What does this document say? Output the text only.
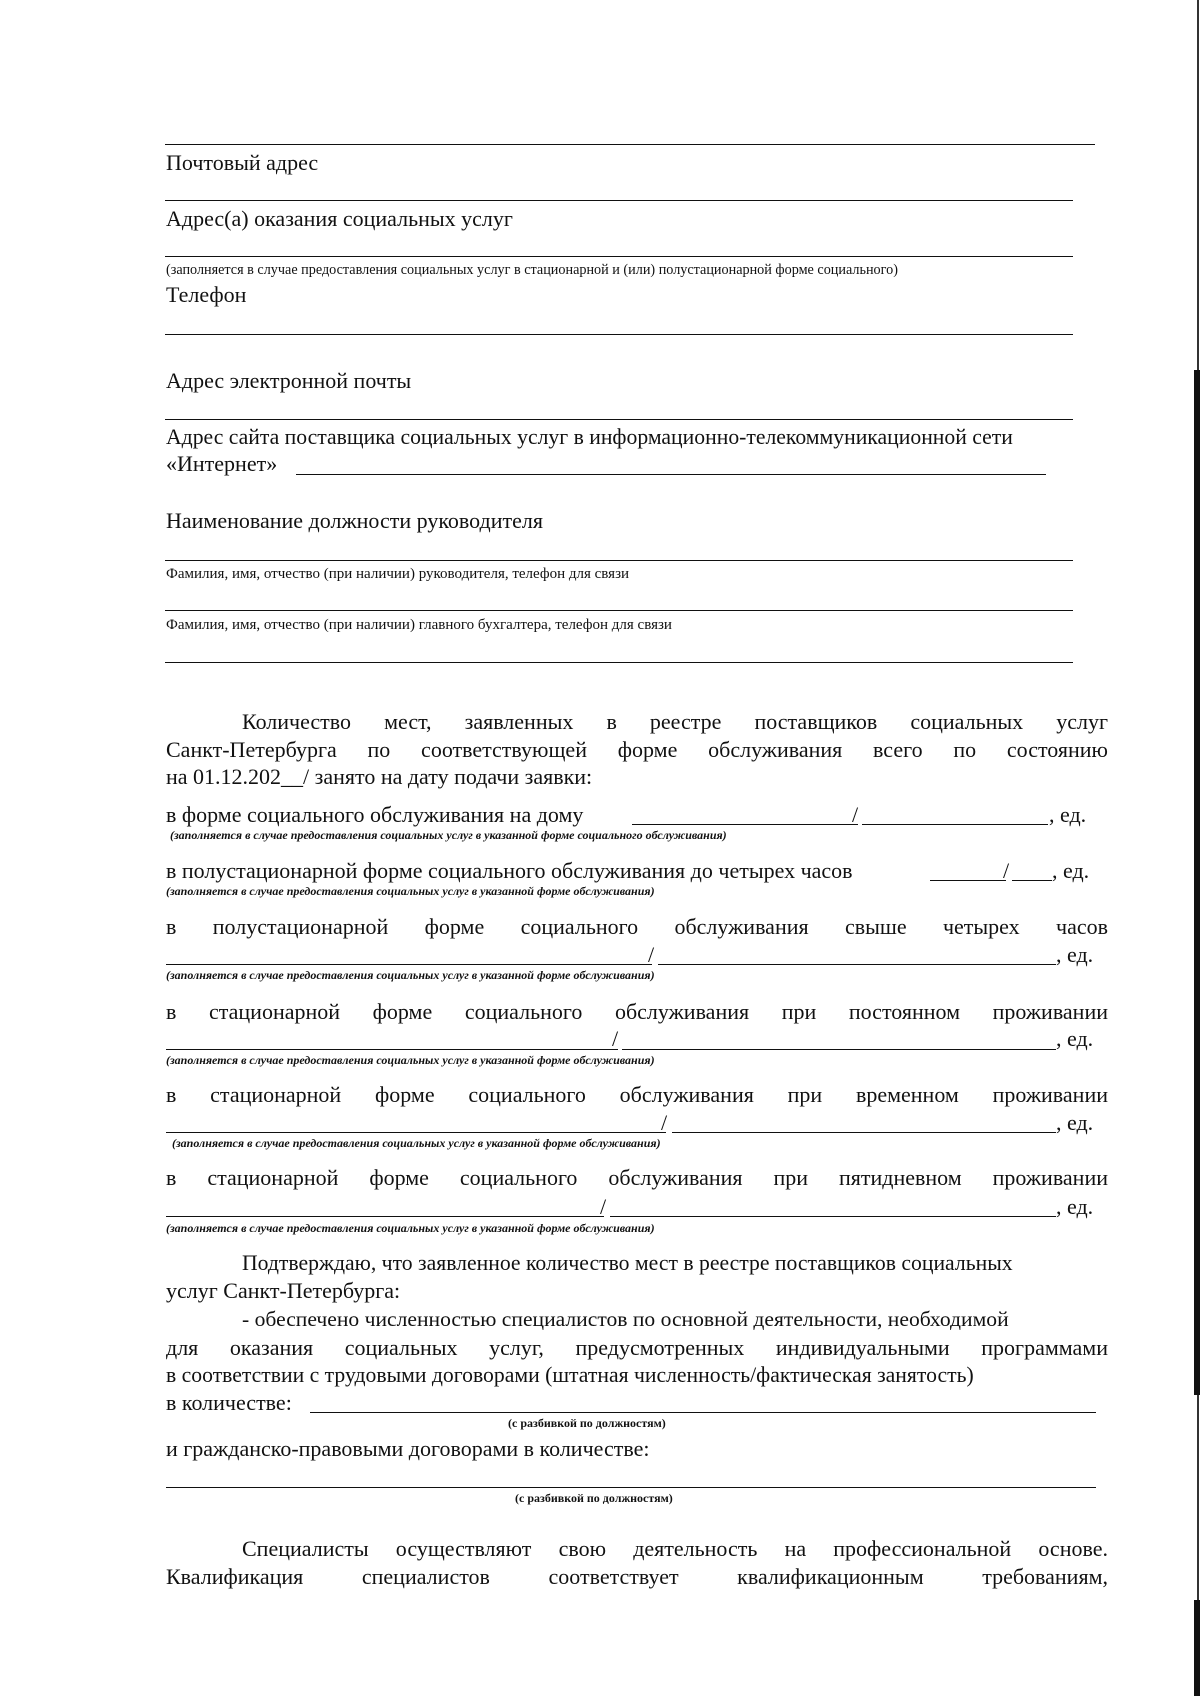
Почтовый адрес
Адрес(а) оказания социальных услуг
(заполняется в случае предоставления социальных услуг в стационарной и (или) полустационарной форме социального)
Телефон
Адрес электронной почты
Адрес сайта поставщика социальных услуг в информационно-телекоммуникационной сети
«Интернет»
Наименование должности руководителя
Фамилия, имя, отчество (при наличии) руководителя, телефон для связи
Фамилия, имя, отчество (при наличии) главного бухгалтера, телефон для связи
Количество мест, заявленных в реестре поставщиков социальных услуг
Санкт-Петербурга по соответствующей форме обслуживания всего по состоянию
на 01.12.202__/ занято на дату подачи заявки:
в форме социального обслуживания на дому	/	, ед.
(заполняется в случае предоставления социальных услуг в указанной форме социального обслуживания)
в полустационарной форме социального обслуживания до четырех часов	/ , ед.
(заполняется в случае предоставления социальных услуг в указанной форме обслуживания)
в полустационарной форме социального обслуживания свыше четырех часов
/	, ед.
(заполняется в случае предоставления социальных услуг в указанной форме обслуживания)
в стационарной форме социального обслуживания при постоянном проживании
/	, ед.
(заполняется в случае предоставления социальных услуг в указанной форме обслуживания)
в стационарной форме социального обслуживания при временном проживании
/	, ед.
(заполняется в случае предоставления социальных услуг в указанной форме обслуживания)
в стационарной форме социального обслуживания при пятидневном проживании
/	, ед.
(заполняется в случае предоставления социальных услуг в указанной форме обслуживания)
Подтверждаю, что заявленное количество мест в реестре поставщиков социальных
услуг Санкт-Петербурга:
- обеспечено численностью специалистов по основной деятельности, необходимой
для оказания социальных услуг, предусмотренных индивидуальными программами
в соответствии с трудовыми договорами (штатная численность/фактическая занятость)
в количестве:
(с разбивкой по должностям)
и гражданско-правовыми договорами в количестве:
(с разбивкой по должностям)
Специалисты осуществляют свою деятельность на профессиональной основе.
Квалификация специалистов соответствует квалификационным требованиям,
